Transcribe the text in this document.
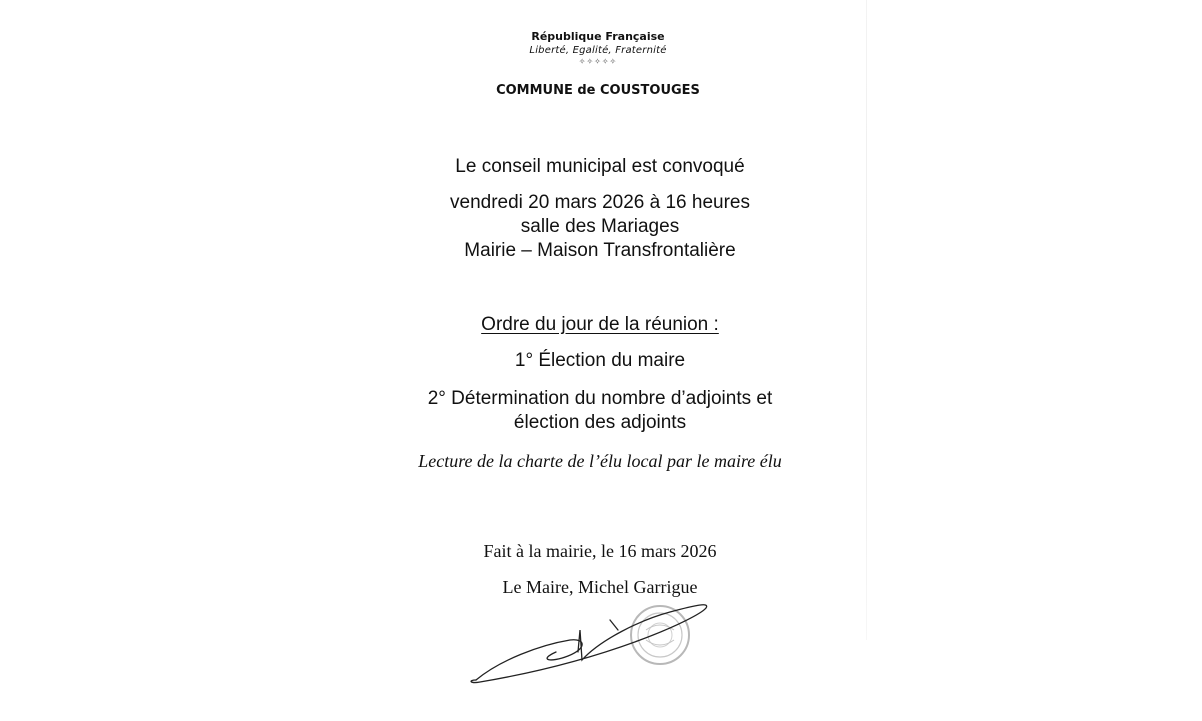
République Française
Liberté, Egalité, Fraternité
✧✧✧✧✧
COMMUNE de COUSTOUGES

Le conseil municipal est convoqué

vendredi 20 mars 2026 à 16 heures

salle des Mariages

Mairie – Maison Transfrontalière

Ordre du jour de la réunion :

1° Élection du maire

2° Détermination du nombre d’adjoints et

élection des adjoints

Lecture de la charte de l’élu local par le maire élu

Fait à la mairie, le 16 mars 2026

Le Maire, Michel Garrigue
